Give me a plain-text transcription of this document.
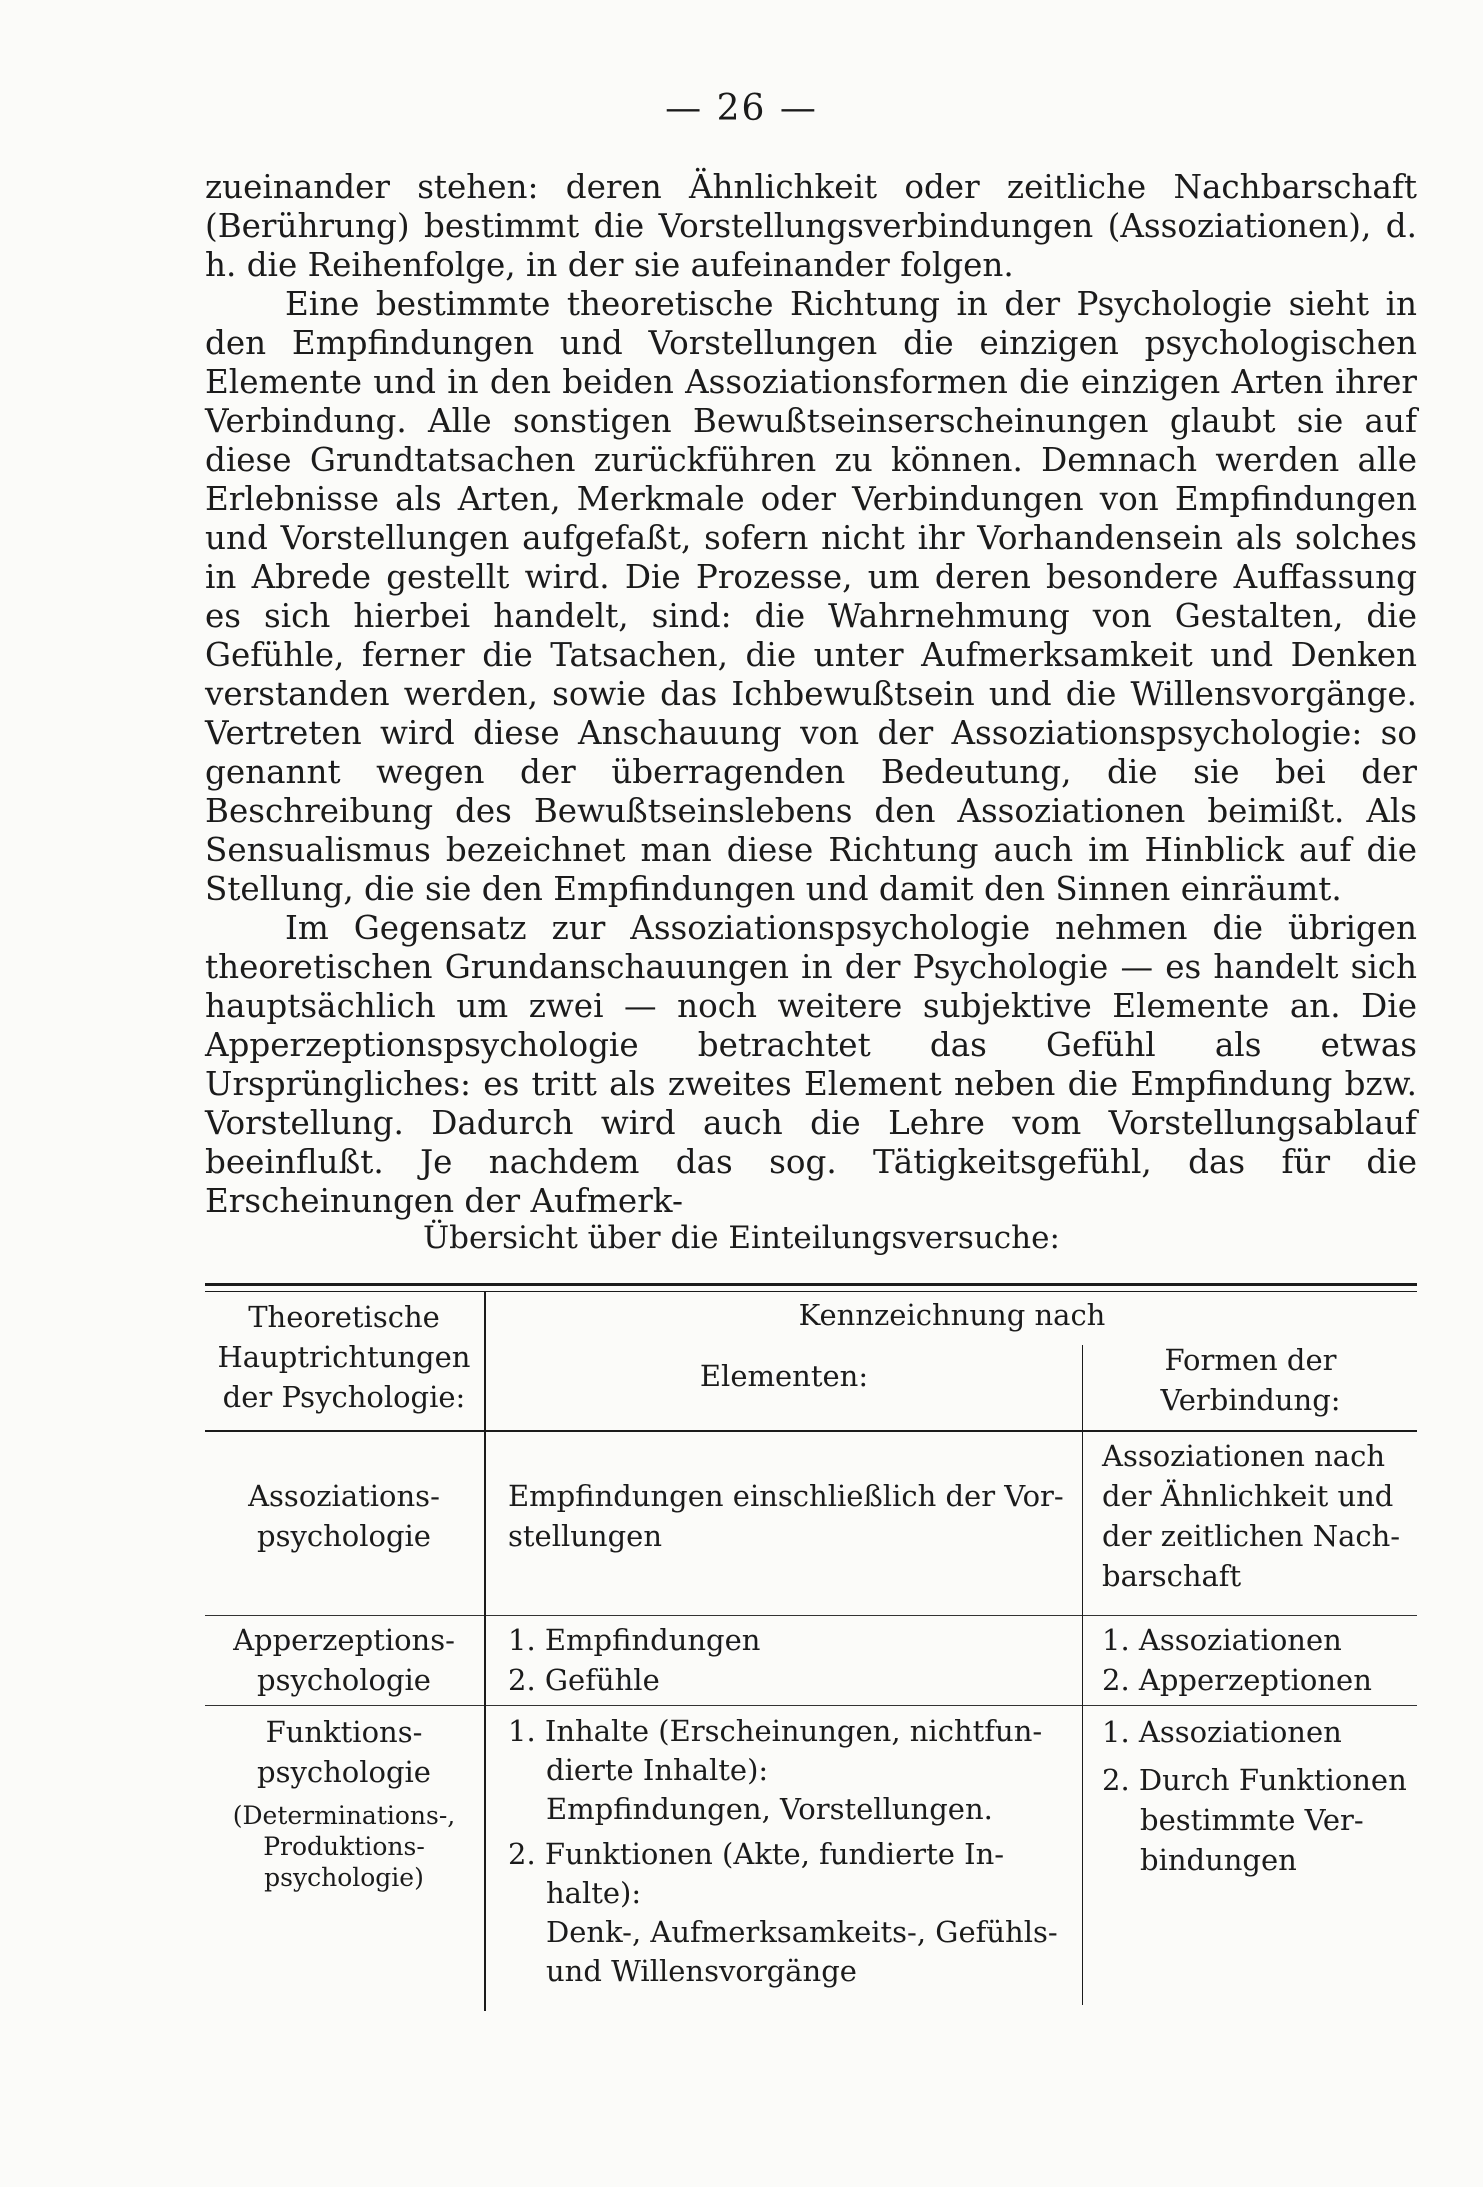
— 26 —

zueinander stehen: deren Ähnlichkeit oder zeitliche Nachbarschaft (Berührung) bestimmt die Vorstellungsverbindungen (Assoziationen), d. h. die Reihenfolge, in der sie aufeinander folgen.

Eine bestimmte theoretische Richtung in der Psychologie sieht in den Empfindungen und Vorstellungen die einzigen psychologischen Elemente und in den beiden Assoziationsformen die einzigen Arten ihrer Verbindung. Alle sonstigen Bewußtseinserscheinungen glaubt sie auf diese Grundtatsachen zurückführen zu können. Demnach werden alle Erlebnisse als Arten, Merkmale oder Verbindungen von Empfindungen und Vorstellungen aufgefaßt, sofern nicht ihr Vorhandensein als solches in Abrede gestellt wird. Die Prozesse, um deren besondere Auffassung es sich hierbei handelt, sind: die Wahrnehmung von Gestalten, die Gefühle, ferner die Tatsachen, die unter Aufmerksamkeit und Denken verstanden werden, sowie das Ichbewußtsein und die Willensvorgänge. Vertreten wird diese Anschauung von der Assoziationspsychologie: so genannt wegen der überragenden Bedeutung, die sie bei der Beschreibung des Bewußtseinslebens den Assoziationen beimißt. Als Sensualismus bezeichnet man diese Richtung auch im Hinblick auf die Stellung, die sie den Empfindungen und damit den Sinnen einräumt.

Im Gegensatz zur Assoziationspsychologie nehmen die übrigen theoretischen Grundanschauungen in der Psychologie — es handelt sich hauptsächlich um zwei — noch weitere subjektive Elemente an. Die Apperzeptionspsychologie betrachtet das Gefühl als etwas Ursprüngliches: es tritt als zweites Element neben die Empfindung bzw. Vorstellung. Dadurch wird auch die Lehre vom Vorstellungsablauf beeinflußt. Je nachdem das sog. Tätigkeitsgefühl, das für die Erscheinungen der Aufmerk-

Übersicht über die Einteilungsversuche:
Theoretische
Hauptrichtungen
der Psychologie:
Kennzeichnung nach
Elementen:	Formen der
Verbindung:
Assoziations-
psychologie
Empfindungen einschließlich der Vor-
stellungen
Assoziationen nach
der Ähnlichkeit und
der zeitlichen Nach-
barschaft
Apperzeptions-
psychologie
1. Empfindungen
2. Gefühle
1. Assoziationen
2. Apperzeptionen
Funktions-
psychologie
(Determinations-,
Produktions-
psychologie)
1. Inhalte (Erscheinungen, nichtfun-
dierte Inhalte):
Empfindungen, Vorstellungen.
2. Funktionen (Akte, fundierte In-
halte):
Denk-, Aufmerksamkeits-, Gefühls-
und Willensvorgänge
1. Assoziationen
2. Durch Funktionen
bestimmte Ver-
bindungen
